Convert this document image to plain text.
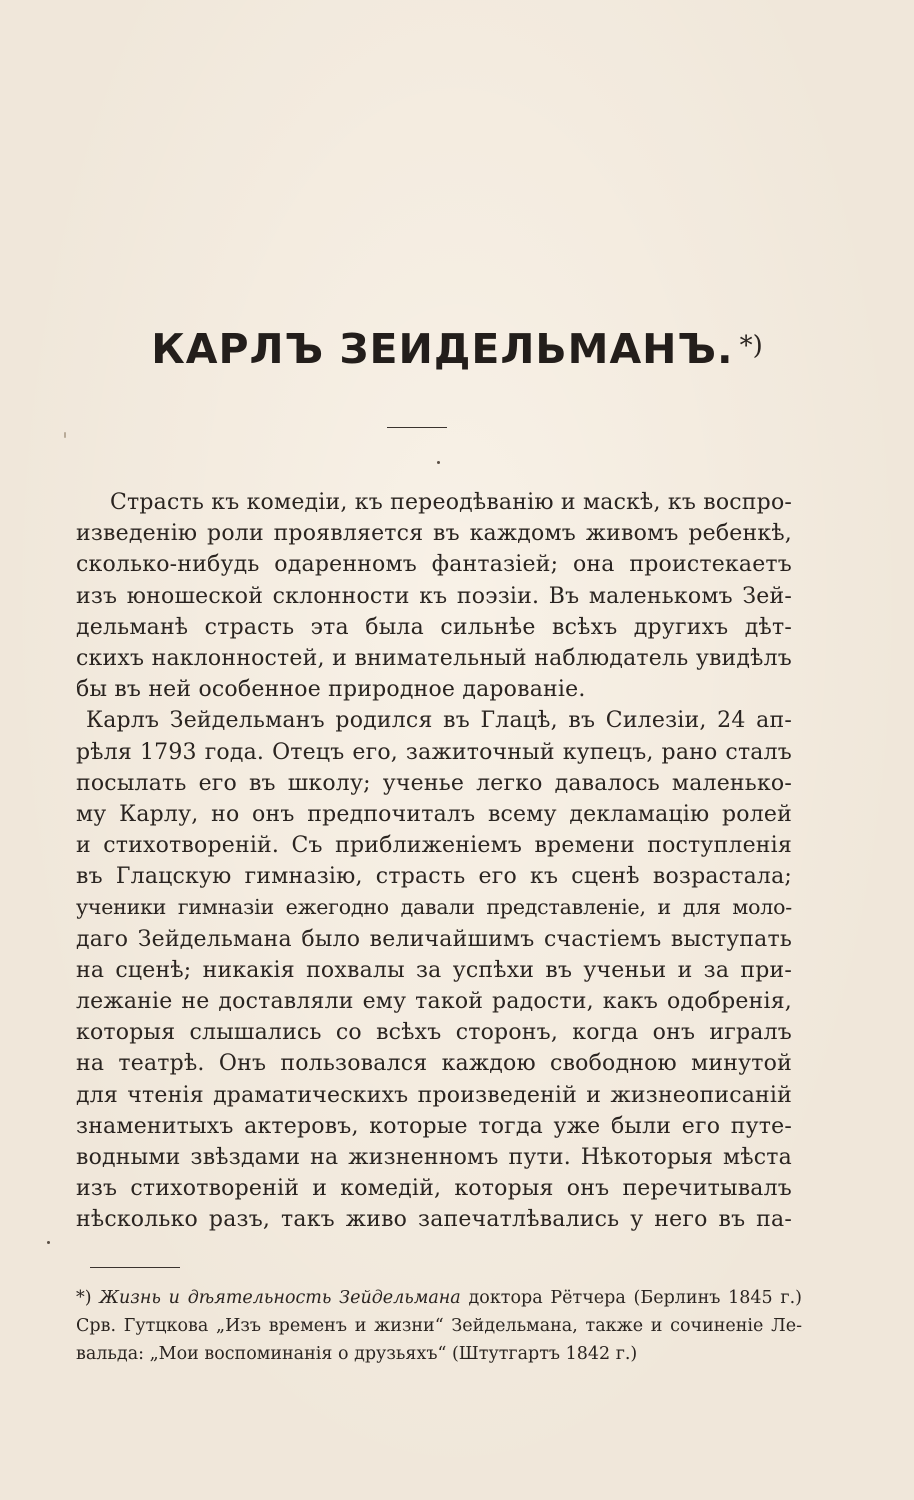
КАРЛЪ ЗЕИДЕЛЬМАНЪ. *)
Страсть къ комедіи, къ переодѣванію и маскѣ, къ воспро-
изведенію роли проявляется въ каждомъ живомъ ребенкѣ,
сколько-нибудь одаренномъ фантазіей; она проистекаетъ
изъ юношеской склонности къ поэзіи. Въ маленькомъ Зей-
дельманѣ страсть эта была сильнѣе всѣхъ другихъ дѣт-
скихъ наклонностей, и внимательный наблюдатель увидѣлъ
бы въ ней особенное природное дарованіе.
Карлъ Зейдельманъ родился въ Глацѣ, въ Силезіи, 24 ап-
рѣля 1793 года. Отецъ его, зажиточный купецъ, рано сталъ
посылать его въ школу; ученье легко давалось маленько-
му Карлу, но онъ предпочиталъ всему декламацію ролей
и стихотвореній. Съ приближеніемъ времени поступленія
въ Глацскую гимназію, страсть его къ сценѣ возрастала;
ученики гимназіи ежегодно давали представленіе, и для моло-
даго Зейдельмана было величайшимъ счастіемъ выступать
на сценѣ; никакія похвалы за успѣхи въ ученьи и за при-
лежаніе не доставляли ему такой радости, какъ одобренія,
которыя слышались со всѣхъ сторонъ, когда онъ игралъ
на театрѣ. Онъ пользовался каждою свободною минутой
для чтенія драматическихъ произведеній и жизнеописаній
знаменитыхъ актеровъ, которые тогда уже были его путе-
водными звѣздами на жизненномъ пути. Нѣкоторыя мѣста
изъ стихотвореній и комедій, которыя онъ перечитывалъ
нѣсколько разъ, такъ живо запечатлѣвались у него въ па-
*) Жизнь и дѣятельность Зейдельмана доктора Рётчера (Берлинъ 1845 г.)
Срв. Гутцкова „Изъ временъ и жизни“ Зейдельмана, также и сочиненіе Ле-
вальда: „Мои воспоминанія о друзьяхъ“ (Штутгартъ 1842 г.)
